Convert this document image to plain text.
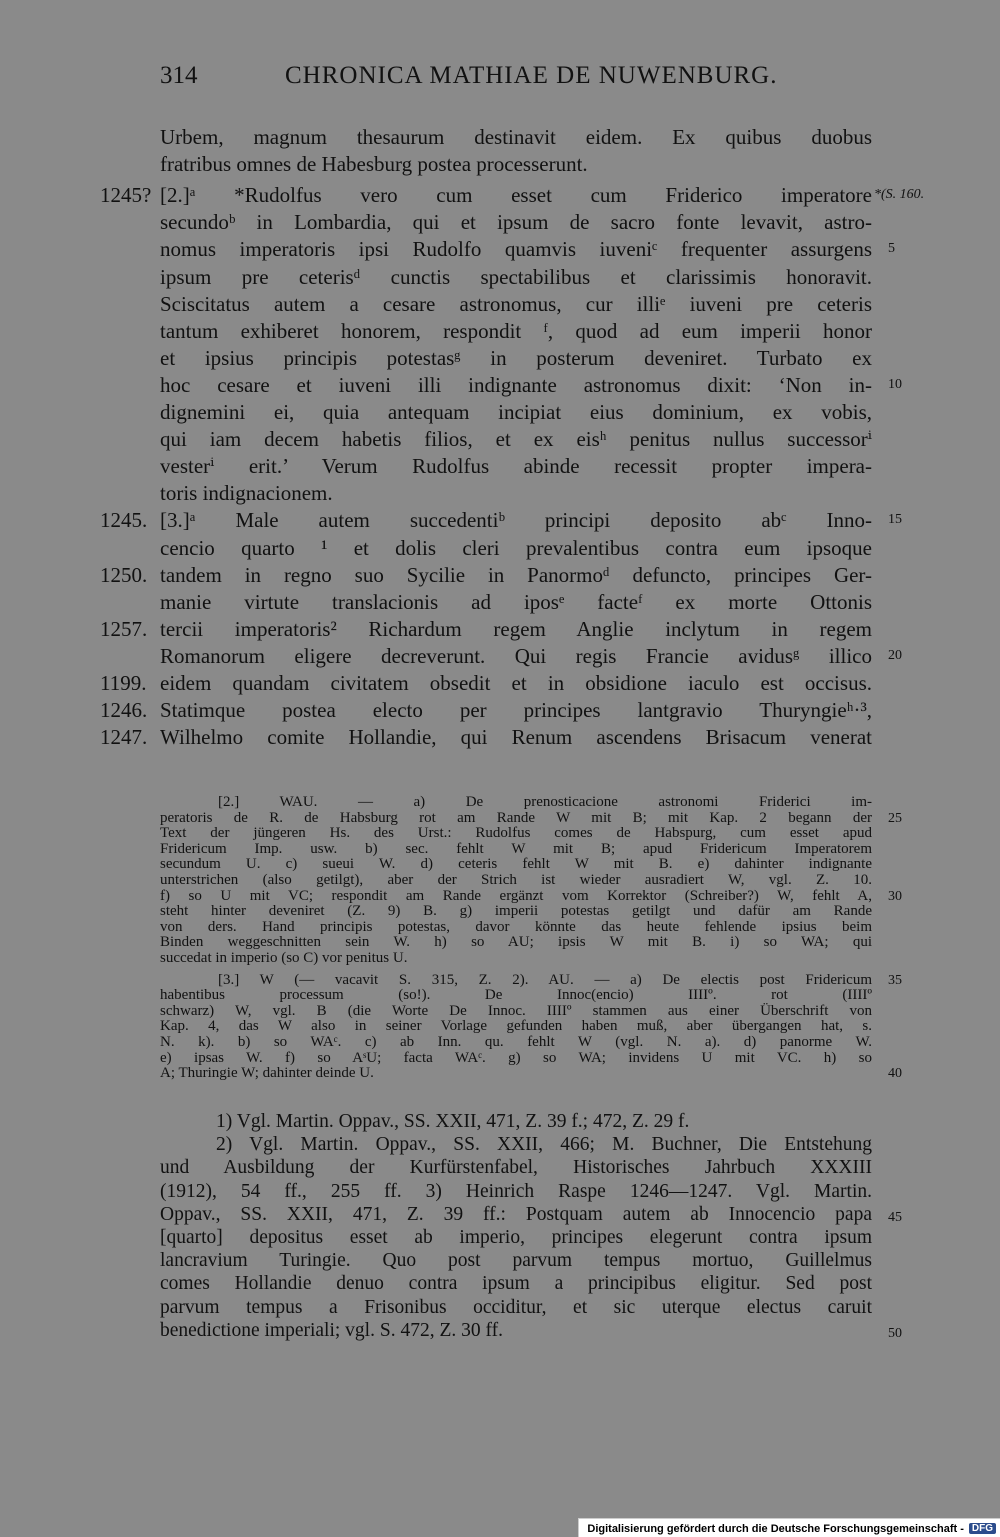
314	CHRONICA MATHIAE DE NUWENBURG.
Urbem, magnum thesaurum destinavit eidem. Ex quibus duobus
fratribus omnes de Habesburg postea processerunt.
[2.]ᵃ *Rudolfus vero cum esset cum Friderico imperatore
1245?	*(S. 160.
secundoᵇ in Lombardia, qui et ipsum de sacro fonte levavit, astro-
nomus imperatoris ipsi Rudolfo quamvis iuveniᶜ frequenter assurgens 5
ipsum pre ceterisᵈ cunctis spectabilibus et clarissimis honoravit.
Sciscitatus autem a cesare astronomus, cur illiᵉ iuveni pre ceteris
tantum exhiberet honorem, respondit ᶠ, quod ad eum imperii honor
et ipsius principis potestasᵍ in posterum deveniret. Turbato ex
hoc cesare et iuveni illi indignante astronomus dixit: ‘Non in- 10
dignemini ei, quia antequam incipiat eius dominium, ex vobis,
qui iam decem habetis filios, et ex eisʰ penitus nullus successorⁱ
vesterⁱ erit.’ Verum Rudolfus abinde recessit propter impera-
toris indignacionem.
[3.]ᵃ Male autem succedentiᵇ principi deposito abᶜ Inno-
1245.	15
cencio quarto ¹ et dolis cleri prevalentibus contra eum ipsoque
tandem in regno suo Sycilie in Panormoᵈ defuncto, principes Ger-
1250.
manie virtute translacionis ad iposᵉ facteᶠ ex morte Ottonis
tercii imperatoris² Richardum regem Anglie inclytum in regem
1257.
Romanorum eligere decreverunt. Qui regis Francie avidusᵍ illico 20
eidem quandam civitatem obsedit et in obsidione iaculo est occisus.
1199.
Statimque postea electo per principes lantgravio Thuryngieʰ·³,
1246.
Wilhelmo comite Hollandie, qui Renum ascendens Brisacum venerat
1247.
[2.] WAU. — a) De prenosticacione astronomi Friderici im-
peratoris de R. de Habsburg rot am Rande W mit B; mit Kap. 2 begann der 25
Text der jüngeren Hs. des Urst.: Rudolfus comes de Habspurg, cum esset apud
Fridericum Imp. usw. b) sec. fehlt W mit B; apud Fridericum Imperatorem
secundum U. c) sueui W. d) ceteris fehlt W mit B. e) dahinter indignante
unterstrichen (also getilgt), aber der Strich ist wieder ausradiert W, vgl. Z. 10.
f) so U mit VC; respondit am Rande ergänzt vom Korrektor (Schreiber?) W, fehlt A, 30
steht hinter deveniret (Z. 9) B. g) imperii potestas getilgt und dafür am Rande
von ders. Hand principis potestas, davor könnte das heute fehlende ipsius beim
Binden weggeschnitten sein W. h) so AU; ipsis W mit B. i) so WA; qui
succedat in imperio (so C) vor penitus U.
[3.] W (— vacavit S. 315, Z. 2). AU. — a) De electis post Fridericum 35
habentibus processum (so!). De Innoc(encio) IIIIº. rot (IIIIº
schwarz) W, vgl. B (die Worte De Innoc. IIIIº stammen aus einer Überschrift von
Kap. 4, das W also in seiner Vorlage gefunden haben muß, aber übergangen hat, s.
N. k). b) so WAᶜ. c) ab Inn. qu. fehlt W (vgl. N. a). d) panorme W.
e) ipsas W. f) so AˢU; facta WAᶜ. g) so WA; invidens U mit VC. h) so
A; Thuringie W; dahinter deinde U.	40
1) Vgl. Martin. Oppav., SS. XXII, 471, Z. 39 f.; 472, Z. 29 f.
2) Vgl. Martin. Oppav., SS. XXII, 466; M. Buchner, Die Entstehung
und Ausbildung der Kurfürstenfabel, Historisches Jahrbuch XXXIII
(1912), 54 ff., 255 ff. 3) Heinrich Raspe 1246—1247. Vgl. Martin.
Oppav., SS. XXII, 471, Z. 39 ff.: Postquam autem ab Innocencio papa 45
[quarto] depositus esset ab imperio, principes elegerunt contra ipsum
lancravium Turingie. Quo post parvum tempus mortuo, Guillelmus
comes Hollandie denuo contra ipsum a principibus eligitur. Sed post
parvum tempus a Frisonibus occiditur, et sic uterque electus caruit
benedictione imperiali; vgl. S. 472, Z. 30 ff.	50
Digitalisierung gefördert durch die Deutsche Forschungsgemeinschaft - DFG
